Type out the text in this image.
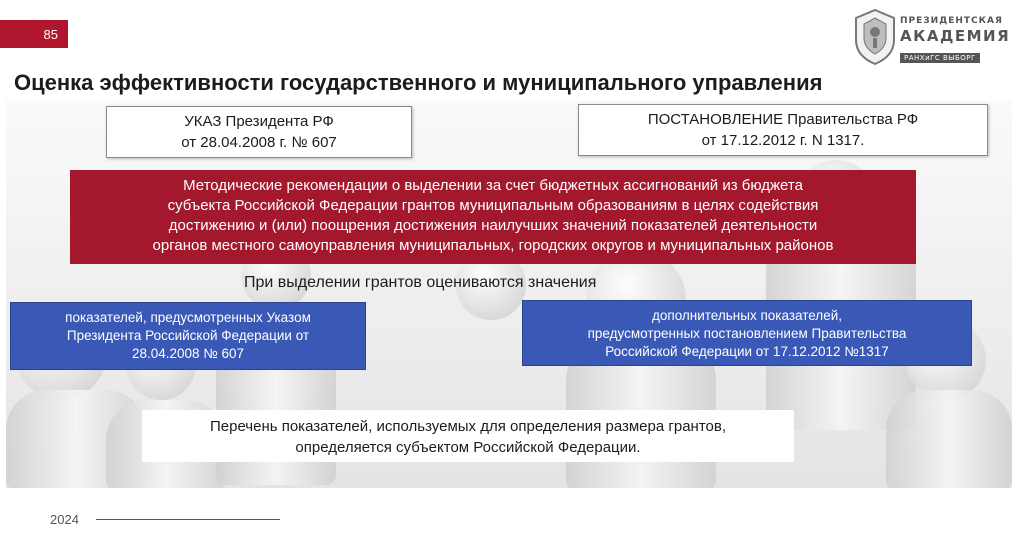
85
ПРЕЗИДЕНТСКАЯ
АКАДЕМИЯ
РАНХиГС ВЫБОРГ
Оценка эффективности государственного и муниципального управления
УКАЗ Президента РФ
от 28.04.2008 г. № 607
ПОСТАНОВЛЕНИЕ Правительства РФ
от 17.12.2012 г. N 1317.
Методические рекомендации о выделении за счет бюджетных ассигнований из бюджета
субъекта Российской Федерации грантов муниципальным образованиям в целях содействия
достижению и (или) поощрения достижения наилучших значений показателей деятельности
органов местного самоуправления муниципальных, городских округов и муниципальных районов
При выделении грантов оцениваются значения
показателей, предусмотренных Указом
Президента Российской Федерации от
28.04.2008 № 607
дополнительных показателей,
предусмотренных постановлением Правительства
Российской Федерации от 17.12.2012 №1317
Перечень показателей, используемых для определения размера грантов,
определяется субъектом Российской Федерации.
2024
